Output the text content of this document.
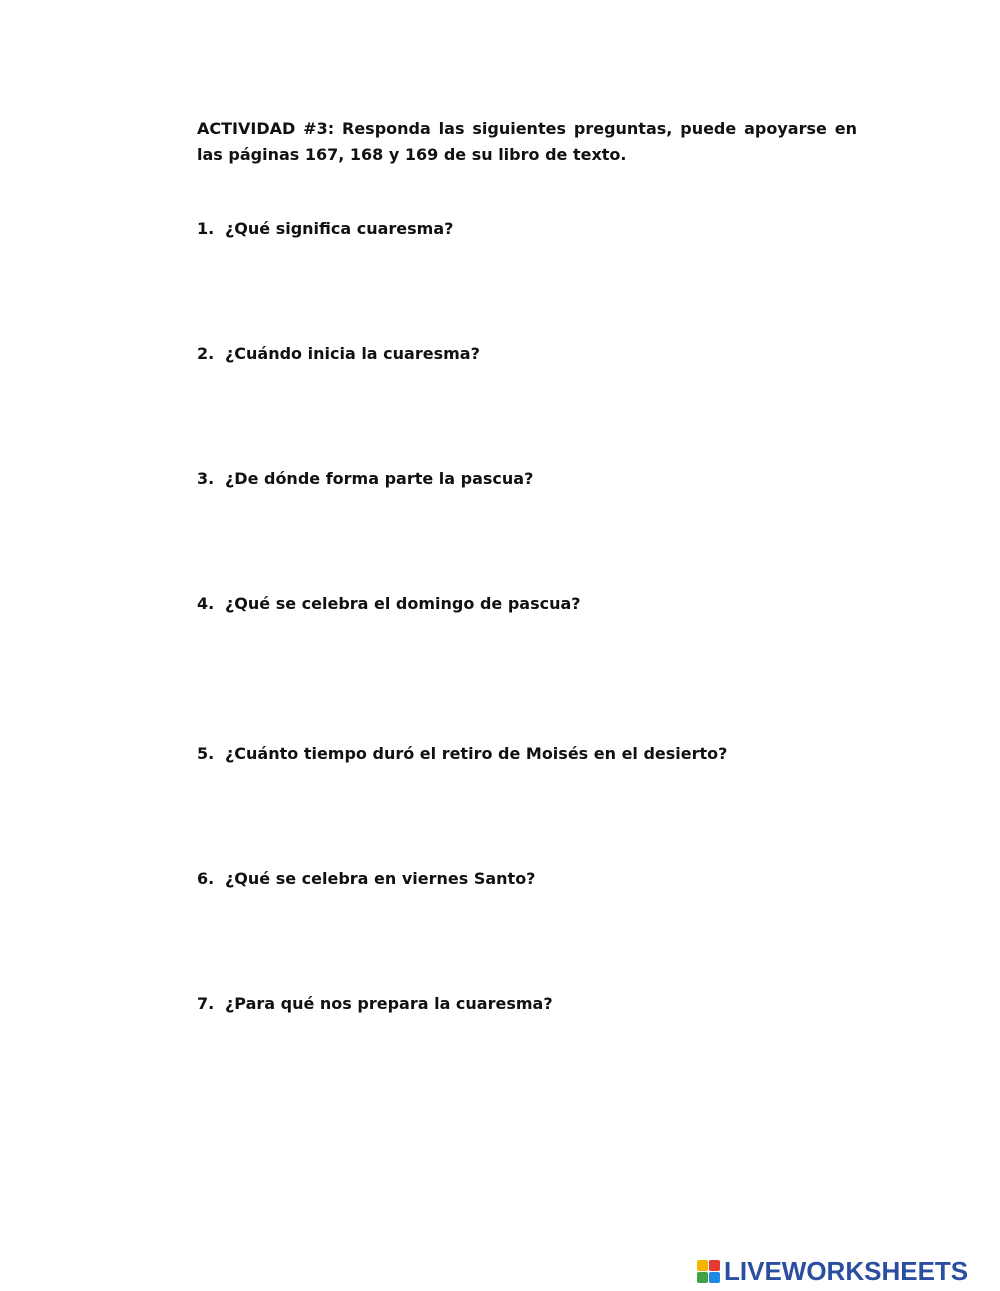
ACTIVIDAD #3: Responda las siguientes preguntas, puede apoyarse en las páginas 167, 168 y 169 de su libro de texto.
1. ¿Qué significa cuaresma?
2. ¿Cuándo inicia la cuaresma?
3. ¿De dónde forma parte la pascua?
4. ¿Qué se celebra el domingo de pascua?
5. ¿Cuánto tiempo duró el retiro de Moisés en el desierto?
6. ¿Qué se celebra en viernes Santo?
7. ¿Para qué nos prepara la cuaresma?
LIVEWORKSHEETS
